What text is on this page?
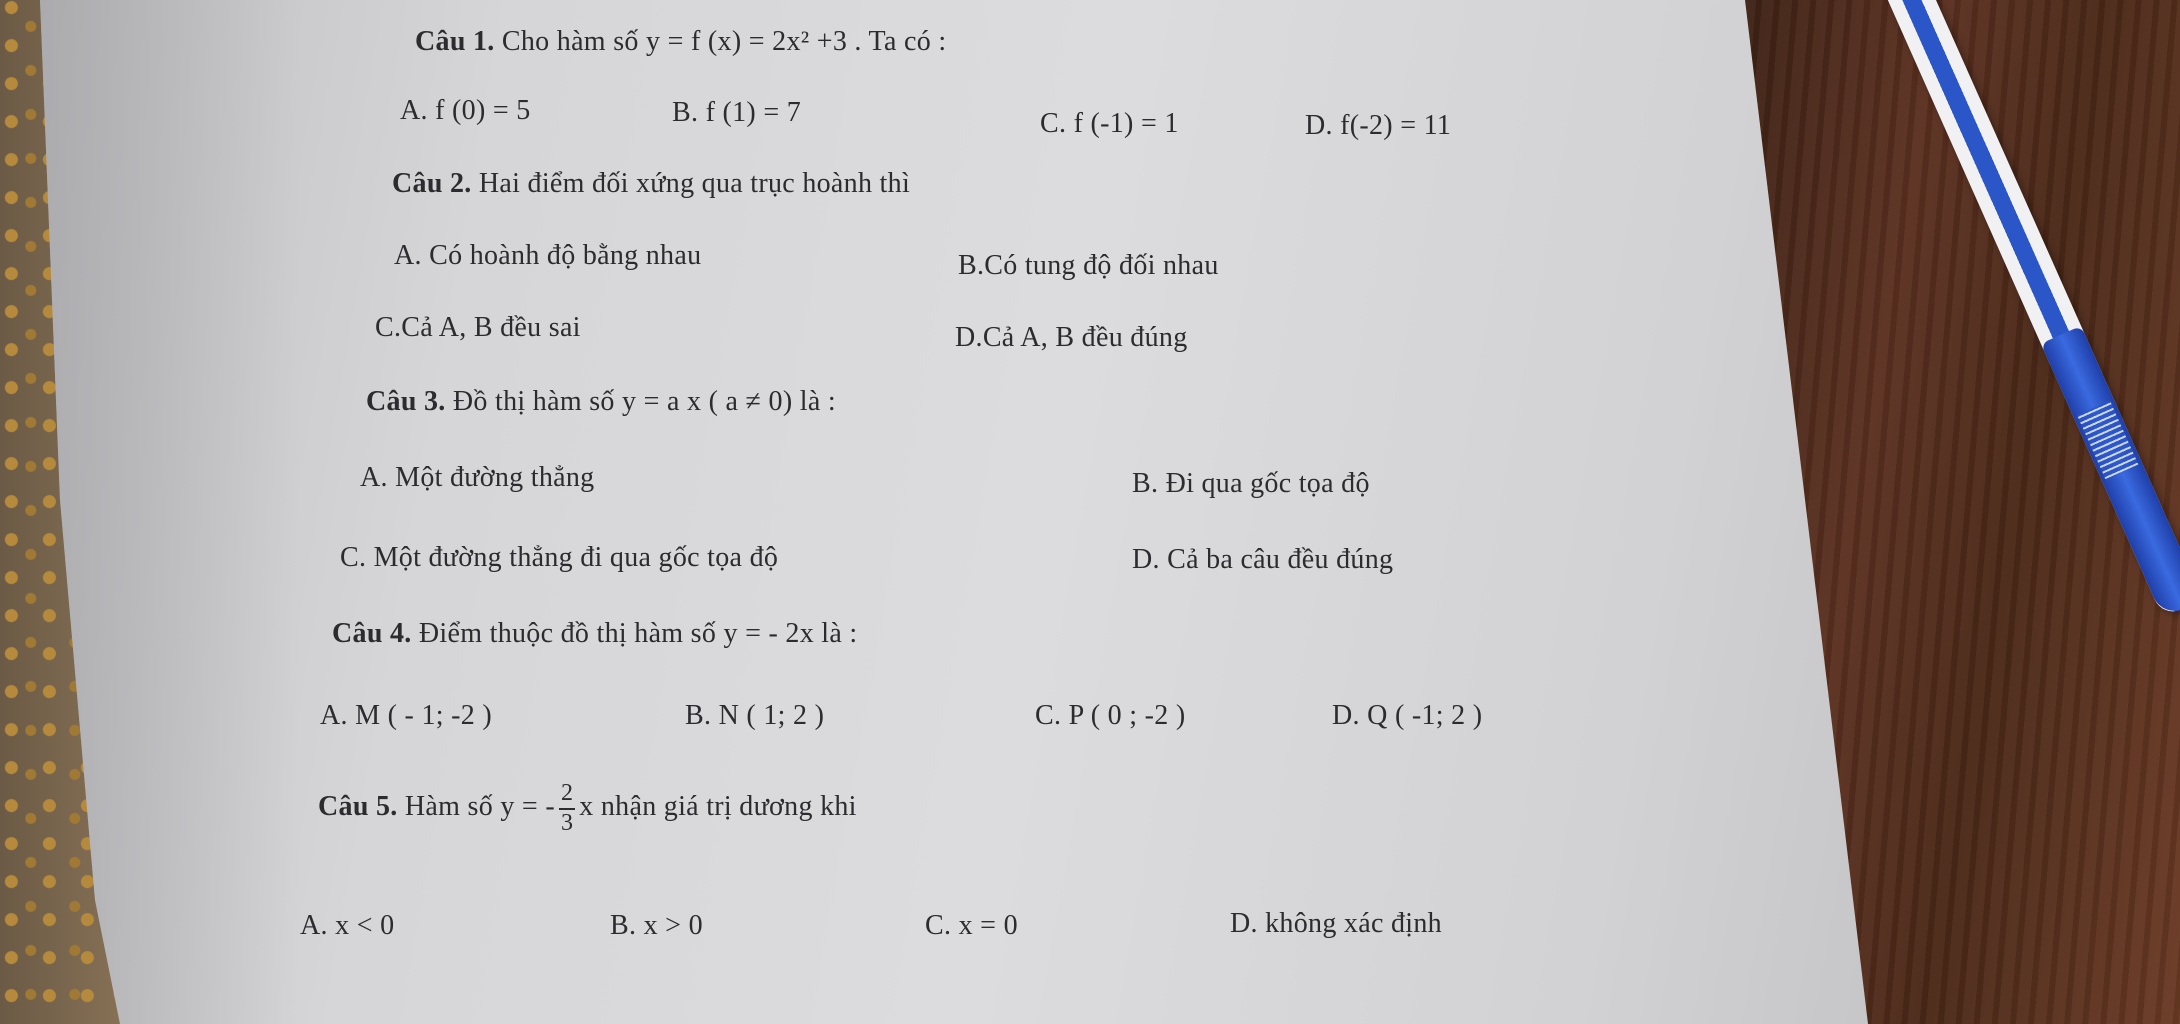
Câu 1. Cho hàm số y = f (x) = 2x² +3 . Ta có :
A. f (0) = 5	B. f (1) = 7	C. f (-1) = 1	D. f(-2) = 11
Câu 2. Hai điểm đối xứng qua trục hoành thì
A. Có hoành độ bằng nhau	B.Có tung độ đối nhau
C.Cả A, B đều sai	D.Cả A, B đều đúng
Câu 3. Đồ thị hàm số y = a x ( a ≠ 0) là :
A. Một đường thẳng	B. Đi qua gốc tọa độ
C. Một đường thẳng đi qua gốc tọa độ	D. Cả ba câu đều đúng
Câu 4. Điểm thuộc đồ thị hàm số y = - 2x là :
A. M ( - 1; -2 )	B. N ( 1; 2 )	C. P ( 0 ; -2 )	D. Q ( -1; 2 )
Câu 5. Hàm số y = - $\frac{2}{3}$ x nhận giá trị dương khi
A. x < 0	B. x > 0	C. x = 0	D. không xác định
